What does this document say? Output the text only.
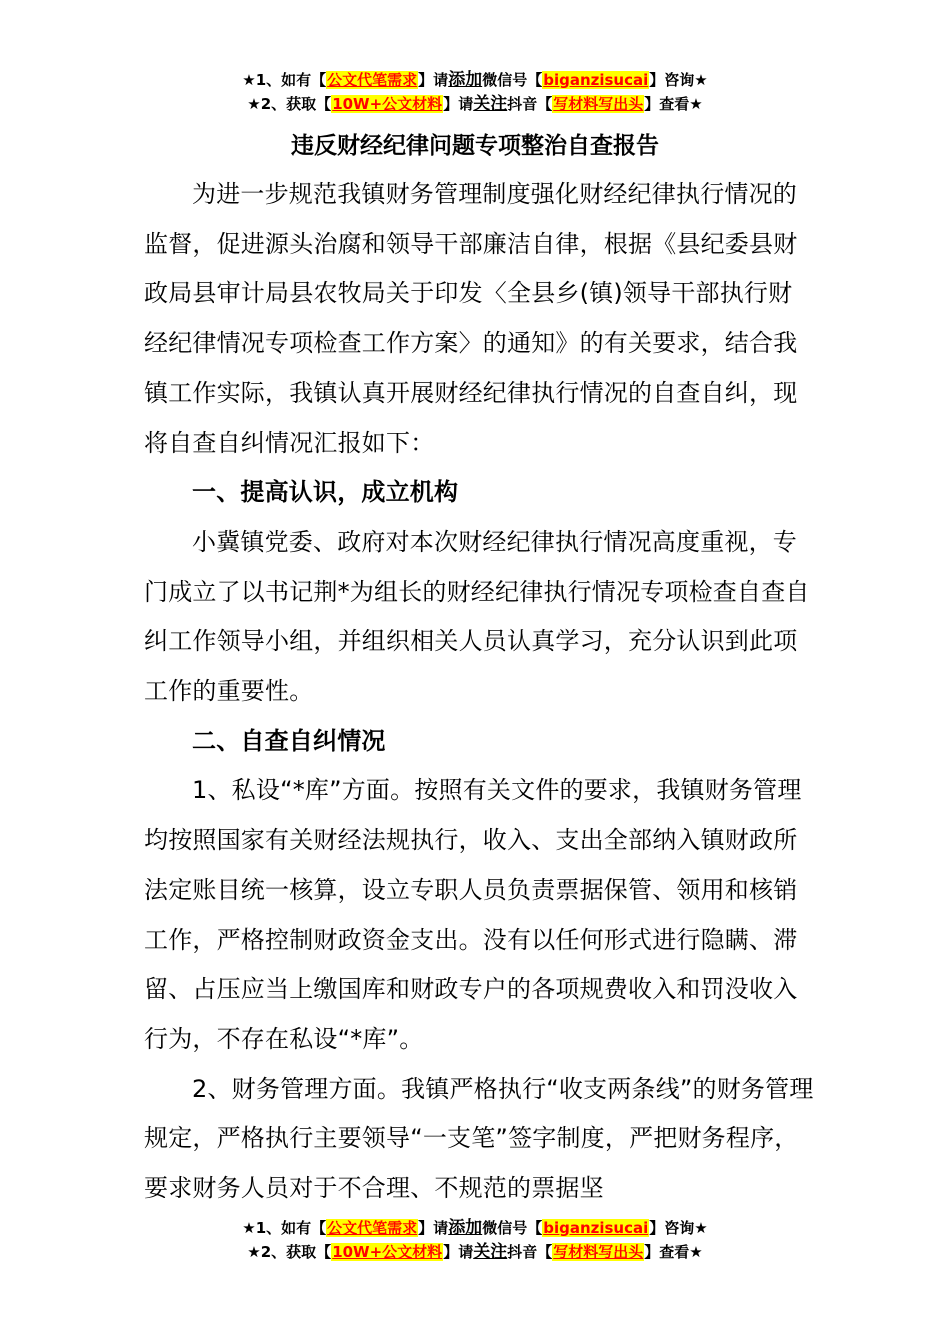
★1、如有【公文代笔需求】请添加微信号【biganzisucai】咨询★
★2、获取【10W+公文材料】请关注抖音【写材料写出头】查看★
违反财经纪律问题专项整治自查报告

为进一步规范我镇财务管理制度强化财经纪律执行情况的监督，促进源头治腐和领导干部廉洁自律，根据《县纪委县财政局县审计局县农牧局关于印发〈全县乡(镇)领导干部执行财经纪律情况专项检查工作方案〉的通知》的有关要求，结合我镇工作实际，我镇认真开展财经纪律执行情况的自查自纠，现将自查自纠情况汇报如下：

一、提高认识，成立机构

小冀镇党委、政府对本次财经纪律执行情况高度重视，专门成立了以书记荆*为组长的财经纪律执行情况专项检查自查自纠工作领导小组，并组织相关人员认真学习，充分认识到此项工作的重要性。

二、自查自纠情况

1、私设“*库”方面。按照有关文件的要求，我镇财务管理均按照国家有关财经法规执行，收入、支出全部纳入镇财政所法定账目统一核算，设立专职人员负责票据保管、领用和核销工作，严格控制财政资金支出。没有以任何形式进行隐瞒、滞留、占压应当上缴国库和财政专户的各项规费收入和罚没收入行为，不存在私设“*库”。

2、财务管理方面。我镇严格执行“收支两条线”的财务管理规定，严格执行主要领导“一支笔”签字制度，严把财务程序，要求财务人员对于不合理、不规范的票据坚

★1、如有【公文代笔需求】请添加微信号【biganzisucai】咨询★
★2、获取【10W+公文材料】请关注抖音【写材料写出头】查看★
